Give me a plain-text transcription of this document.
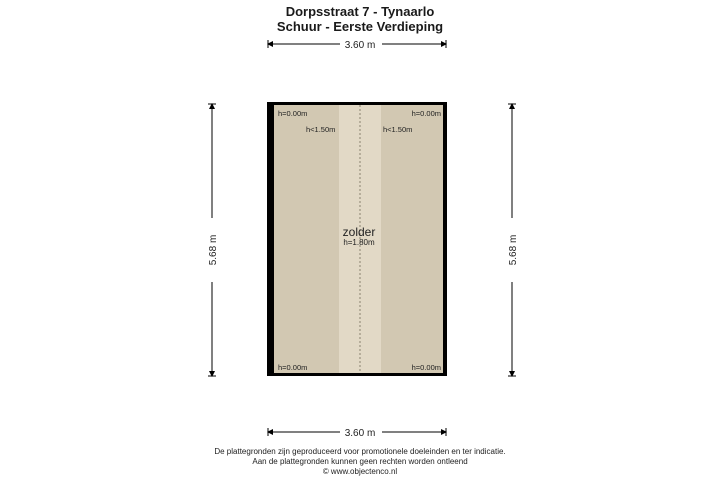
Dorpsstraat 7 - Tynaarlo
Schuur - Eerste Verdieping
3.60 m
3.60 m
5.68 m	5.68 m
zolder
h=1.80m
h=0.00m	h=0.00m
h<1.50m	h<1.50m
h=0.00m	h=0.00m
De plattegronden zijn geproduceerd voor promotionele doeleinden en ter indicatie.
Aan de plattegronden kunnen geen rechten worden ontleend
© www.objectenco.nl
